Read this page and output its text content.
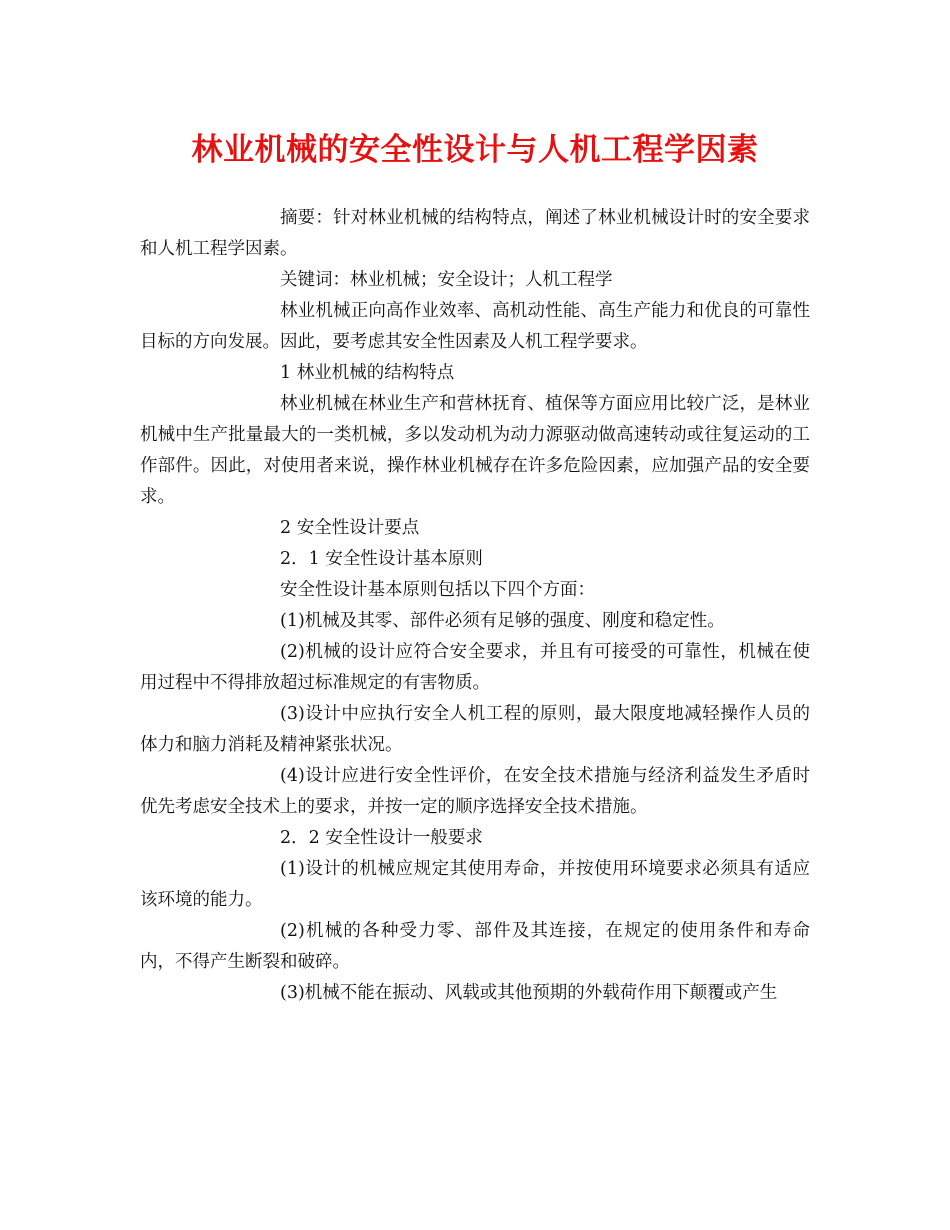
林业机械的安全性设计与人机工程学因素

摘要：针对林业机械的结构特点，阐述了林业机械设计时的安全要求和人机工程学因素。

关键词：林业机械；安全设计；人机工程学

林业机械正向高作业效率、高机动性能、高生产能力和优良的可靠性目标的方向发展。因此，要考虑其安全性因素及人机工程学要求。

1 林业机械的结构特点

林业机械在林业生产和营林抚育、植保等方面应用比较广泛，是林业机械中生产批量最大的一类机械，多以发动机为动力源驱动做高速转动或往复运动的工作部件。因此，对使用者来说，操作林业机械存在许多危险因素，应加强产品的安全要求。

2 安全性设计要点

2．1 安全性设计基本原则

安全性设计基本原则包括以下四个方面：

(1)机械及其零、部件必须有足够的强度、刚度和稳定性。

(2)机械的设计应符合安全要求，并且有可接受的可靠性，机械在使用过程中不得排放超过标准规定的有害物质。

(3)设计中应执行安全人机工程的原则，最大限度地减轻操作人员的体力和脑力消耗及精神紧张状况。

(4)设计应进行安全性评价，在安全技术措施与经济利益发生矛盾时优先考虑安全技术上的要求，并按一定的顺序选择安全技术措施。

2．2 安全性设计一般要求

(1)设计的机械应规定其使用寿命，并按使用环境要求必须具有适应该环境的能力。

(2)机械的各种受力零、部件及其连接，在规定的使用条件和寿命内，不得产生断裂和破碎。

(3)机械不能在振动、风载或其他预期的外载荷作用下颠覆或产生
